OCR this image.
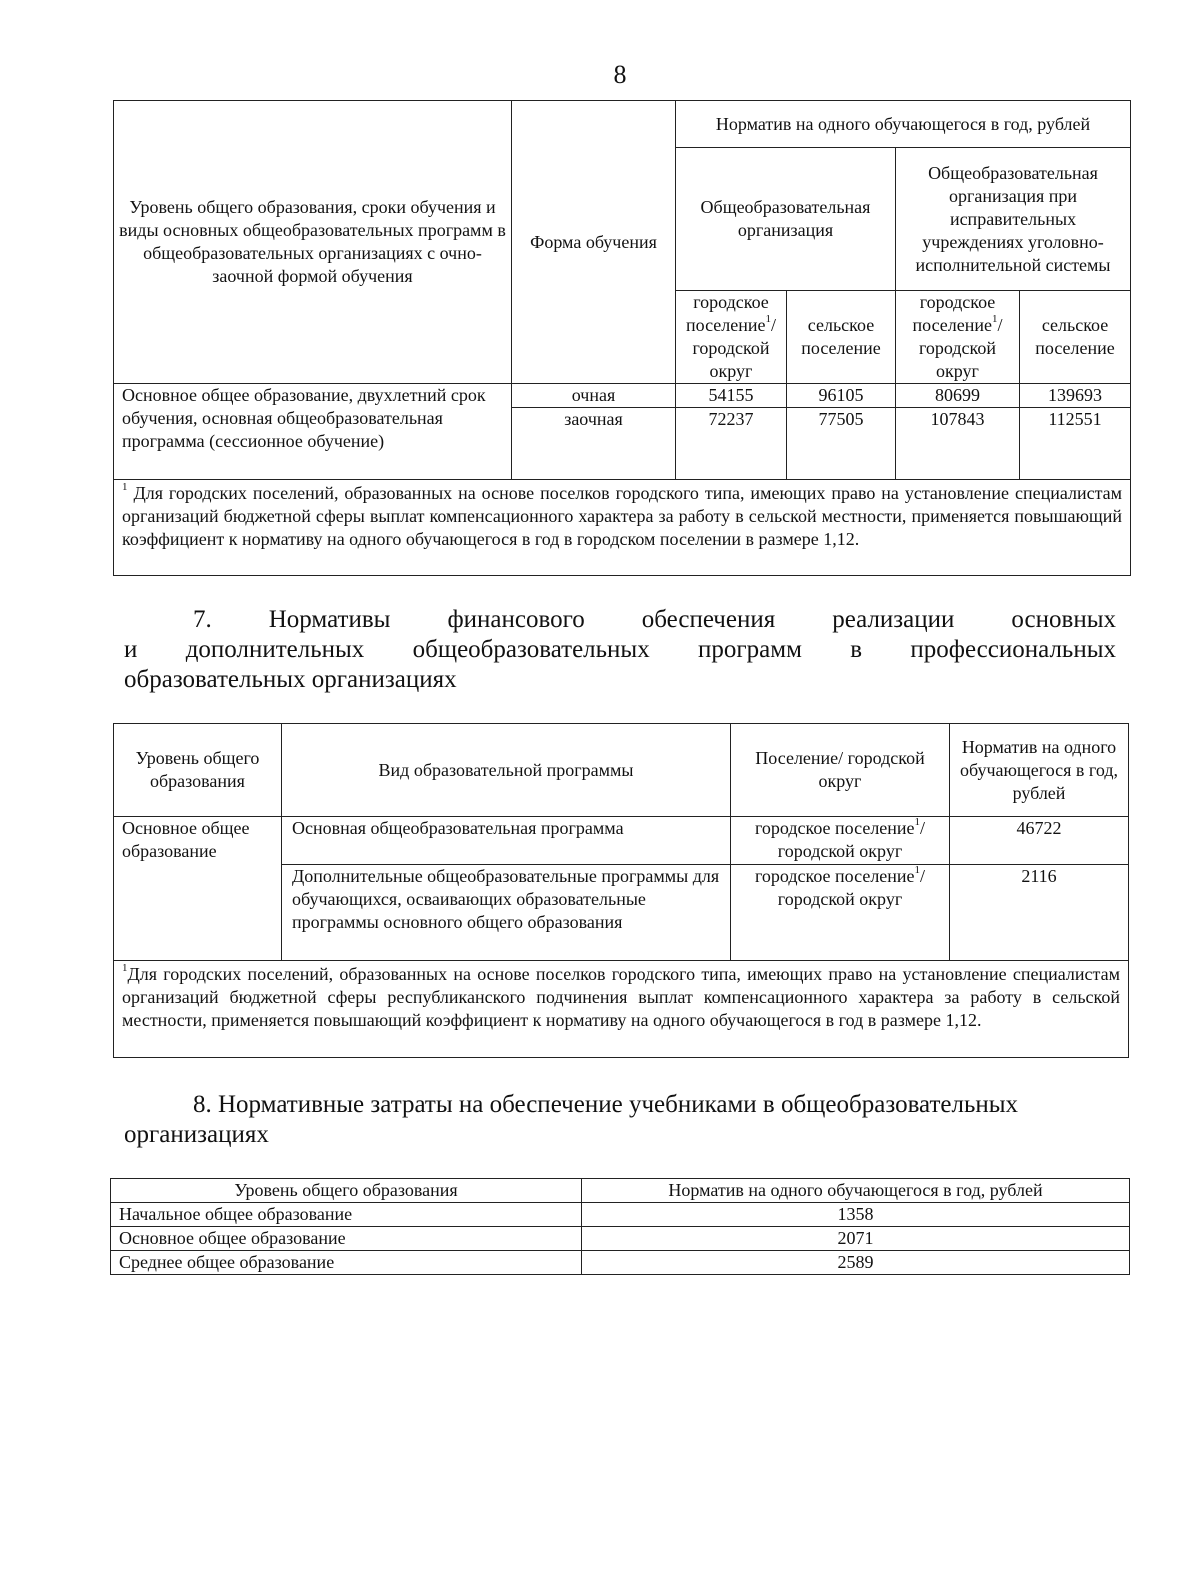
8
Уровень общего образования, сроки обучения и виды основных общеобразовательных программ в общеобразовательных организациях с очно-заочной формой обучения	Форма обучения	Норматив на одного обучающегося в год, рублей			
		Общеобразовательная организация		Общеобразовательная организация при исправительных учреждениях уголовно-исполнительной системы	
		городское поселение$^1$/ городской округ	сельское поселение	городское поселение$^1$/ городской округ	сельское поселение
Основное общее образование, двухлетний срок обучения, основная общеобразовательная программа (сессионное обучение)	очная	54155	96105	80699	139693
	заочная	72237	77505	107843	112551
$^1$ Для городских поселений, образованных на основе поселков городского типа, имеющих право на установление специалистам организаций бюджетной сферы выплат компенсационного характера за работу в сельской местности, применяется повышающий коэффициент к нормативу на одного обучающегося в год в городском поселении в размере 1,12.					
7. Нормативы финансового обеспечения реализации основных
и дополнительных общеобразовательных программ в профессиональных
образовательных организациях
Уровень общего образования	Вид образовательной программы	Поселение/ городской округ	Норматив на одного обучающегося в год, рублей
Основное общее образование	Основная общеобразовательная программа	городское поселение$^1$/ городской округ	46722
	Дополнительные общеобразовательные программы для обучающихся, осваивающих образовательные программы основного общего образования	городское поселение$^1$/ городской округ	2116
$^1$Для городских поселений, образованных на основе поселков городского типа, имеющих право на установление специалистам организаций бюджетной сферы республиканского подчинения выплат компенсационного характера за работу в сельской местности, применяется повышающий коэффициент к нормативу на одного обучающегося в год в размере 1,12.			
8. Нормативные затраты на обеспечение учебниками в общеобразовательных
организациях
Уровень общего образования	Норматив на одного обучающегося в год, рублей
Начальное общее образование	1358
Основное общее образование	2071
Среднее общее образование	2589
